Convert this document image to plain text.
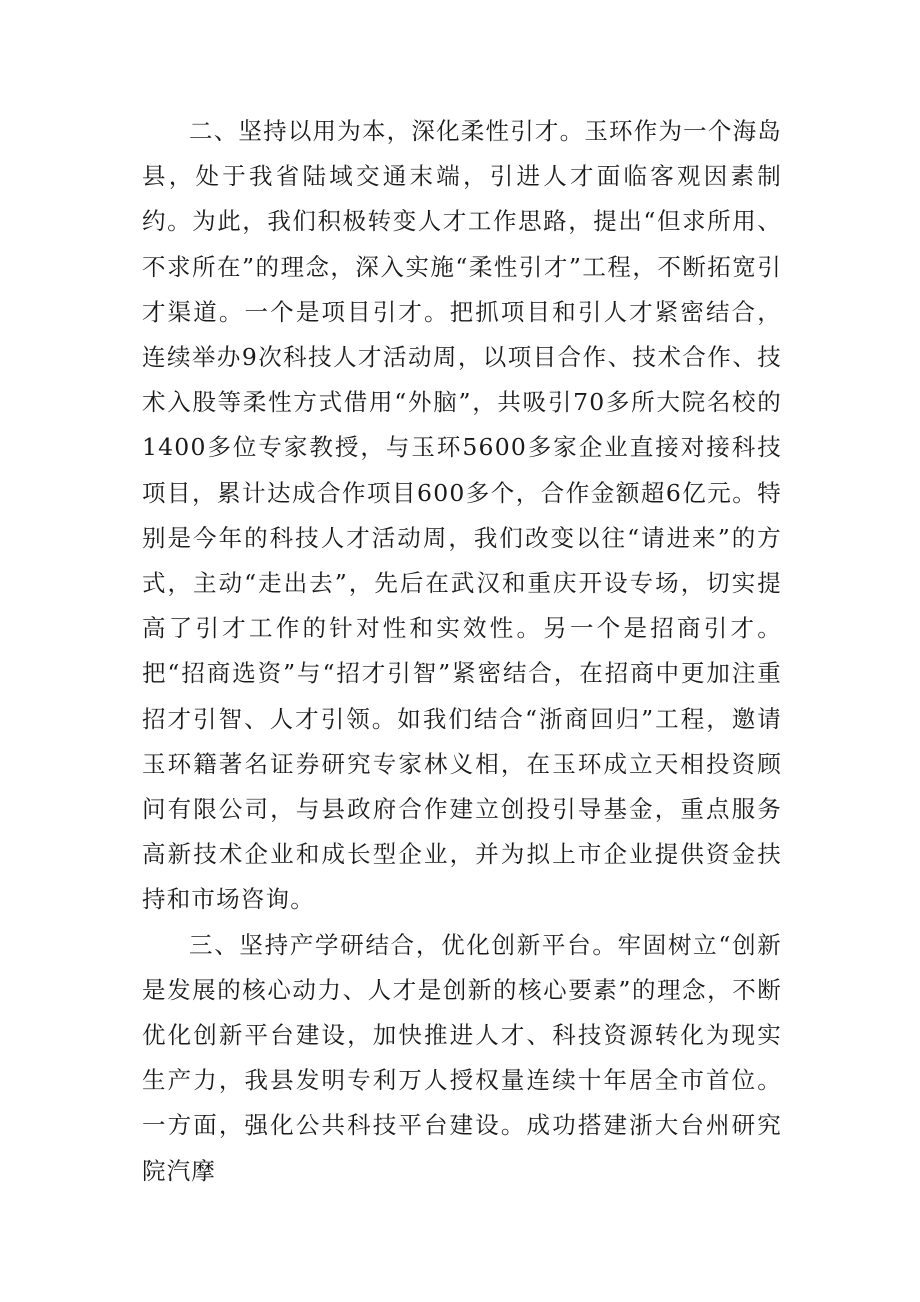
二、坚持以用为本，深化柔性引才。玉环作为一个海岛县，处于我省陆域交通末端，引进人才面临客观因素制约。为此，我们积极转变人才工作思路，提出“但求所用、不求所在”的理念，深入实施“柔性引才”工程，不断拓宽引才渠道。一个是项目引才。把抓项目和引人才紧密结合，连续举办9次科技人才活动周，以项目合作、技术合作、技术入股等柔性方式借用“外脑”，共吸引70多所大院名校的1400多位专家教授，与玉环5600多家企业直接对接科技项目，累计达成合作项目600多个，合作金额超6亿元。特别是今年的科技人才活动周，我们改变以往“请进来”的方式，主动“走出去”，先后在武汉和重庆开设专场，切实提高了引才工作的针对性和实效性。另一个是招商引才。把“招商选资”与“招才引智”紧密结合，在招商中更加注重招才引智、人才引领。如我们结合“浙商回归”工程，邀请玉环籍著名证券研究专家林义相，在玉环成立天相投资顾问有限公司，与县政府合作建立创投引导基金，重点服务高新技术企业和成长型企业，并为拟上市企业提供资金扶持和市场咨询。

三、坚持产学研结合，优化创新平台。牢固树立“创新是发展的核心动力、人才是创新的核心要素”的理念，不断优化创新平台建设，加快推进人才、科技资源转化为现实生产力，我县发明专利万人授权量连续十年居全市首位。一方面，强化公共科技平台建设。成功搭建浙大台州研究院汽摩
